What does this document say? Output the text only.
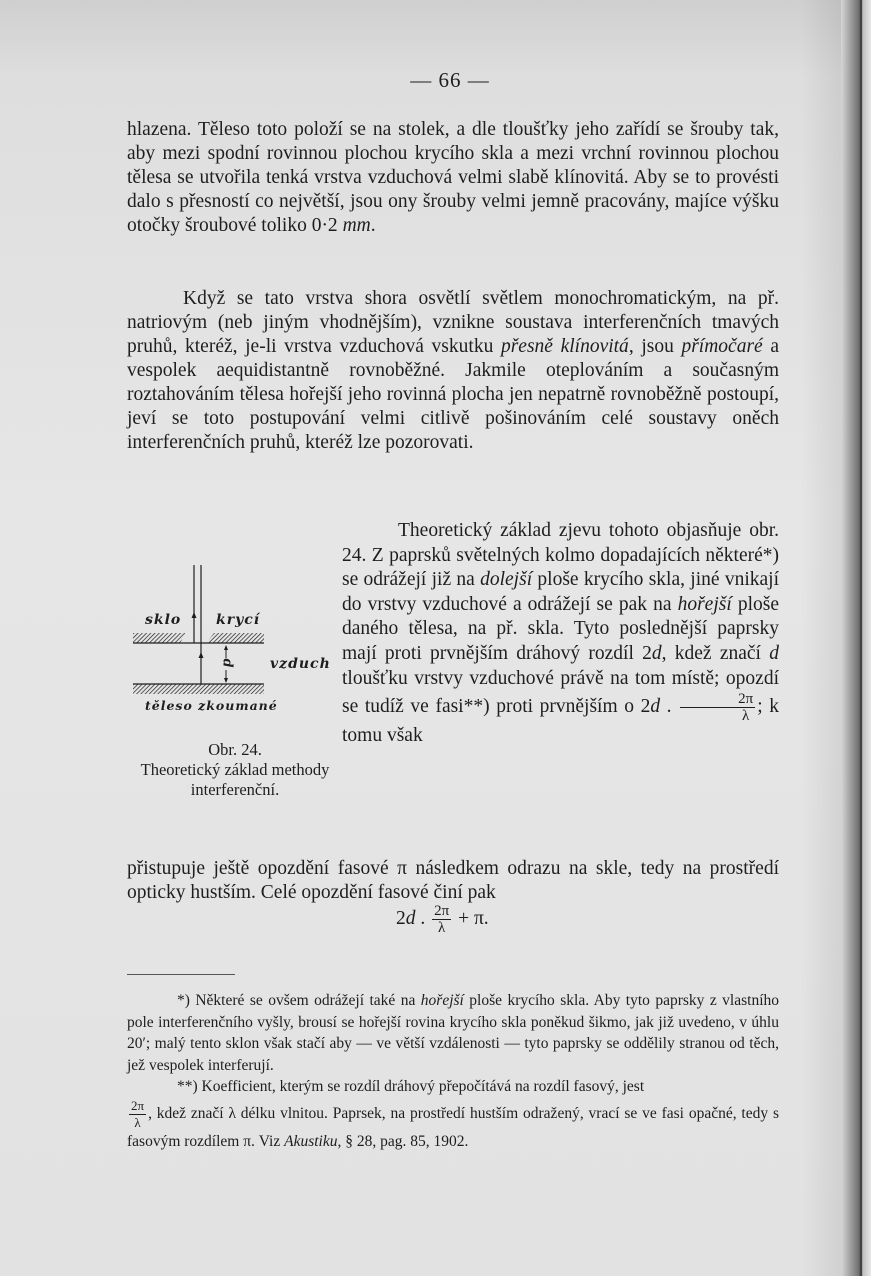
— 66 —

hlazena. Těleso toto položí se na stolek, a dle tloušťky jeho zařídí se šrouby tak, aby mezi spodní rovinnou plochou krycího skla a mezi vrchní rovinnou plochou tělesa se utvořila tenká vrstva vzduchová velmi slabě klínovitá. Aby se to provésti dalo s přesností co největší, jsou ony šrouby velmi jemně pracovány, majíce výšku otočky šroubové toliko 0·2 mm.

Když se tato vrstva shora osvětlí světlem monochromatickým, na př. natriovým (neb jiným vhodnějším), vznikne soustava interferenčních tmavých pruhů, kteréž, je-li vrstva vzduchová vskutku přesně klínovitá, jsou přímočaré a vespolek aequidistantně rovnoběžné. Jakmile oteplováním a současným roztahováním tělesa hořejší jeho rovinná plocha jen nepatrně rovnoběžně postoupí, jeví se toto postupování velmi citlivě pošinováním celé soustavy oněch interferenčních pruhů, kteréž lze pozorovati.

sklo krycí
d	vzduch
těleso zkoumané
Obr. 24.
Theoretický základ methody interferenční.

Theoretický základ zjevu tohoto objasňuje obr. 24. Z paprsků světelných kolmo dopadajících některé*) se odrážejí již na dolejší ploše krycího skla, jiné vnikají do vrstvy vzduchové a odrážejí se pak na hořejší ploše daného tělesa, na př. skla. Tyto poslednější paprsky mají proti prvnějším dráhový rozdíl 2d, kdež značí d tloušťku vrstvy vzduchové právě na tom místě; opozdí se tudíž ve fasi**) proti prvnějším o 2d . $\frac{2\pi}{\lambda}$ ; k tomu však

přistupuje ještě opozdění fasové π následkem odrazu na skle, tedy na prostředí opticky hustším. Celé opozdění fasové činí pak

2d . $\frac{2\pi}{\lambda} + \pi$.

*) Některé se ovšem odrážejí také na hořejší ploše krycího skla. Aby tyto paprsky z vlastního pole interferenčního vyšly, brousí se hořejší rovina krycího skla poněkud šikmo, jak již uvedeno, v úhlu 20′; malý tento sklon však stačí aby — ve větší vzdálenosti — tyto paprsky se oddělily stranou od těch, jež vespolek interferují.

**) Koefficient, kterým se rozdíl dráhový přepočítává na rozdíl fasový, jest

$\frac{2\pi}{\lambda}$ , kdež značí λ délku vlnitou. Paprsek, na prostředí hustším odražený, vrací se ve fasi opačné, tedy s fasovým rozdílem π. Viz Akustiku, § 28, pag. 85, 1902.
